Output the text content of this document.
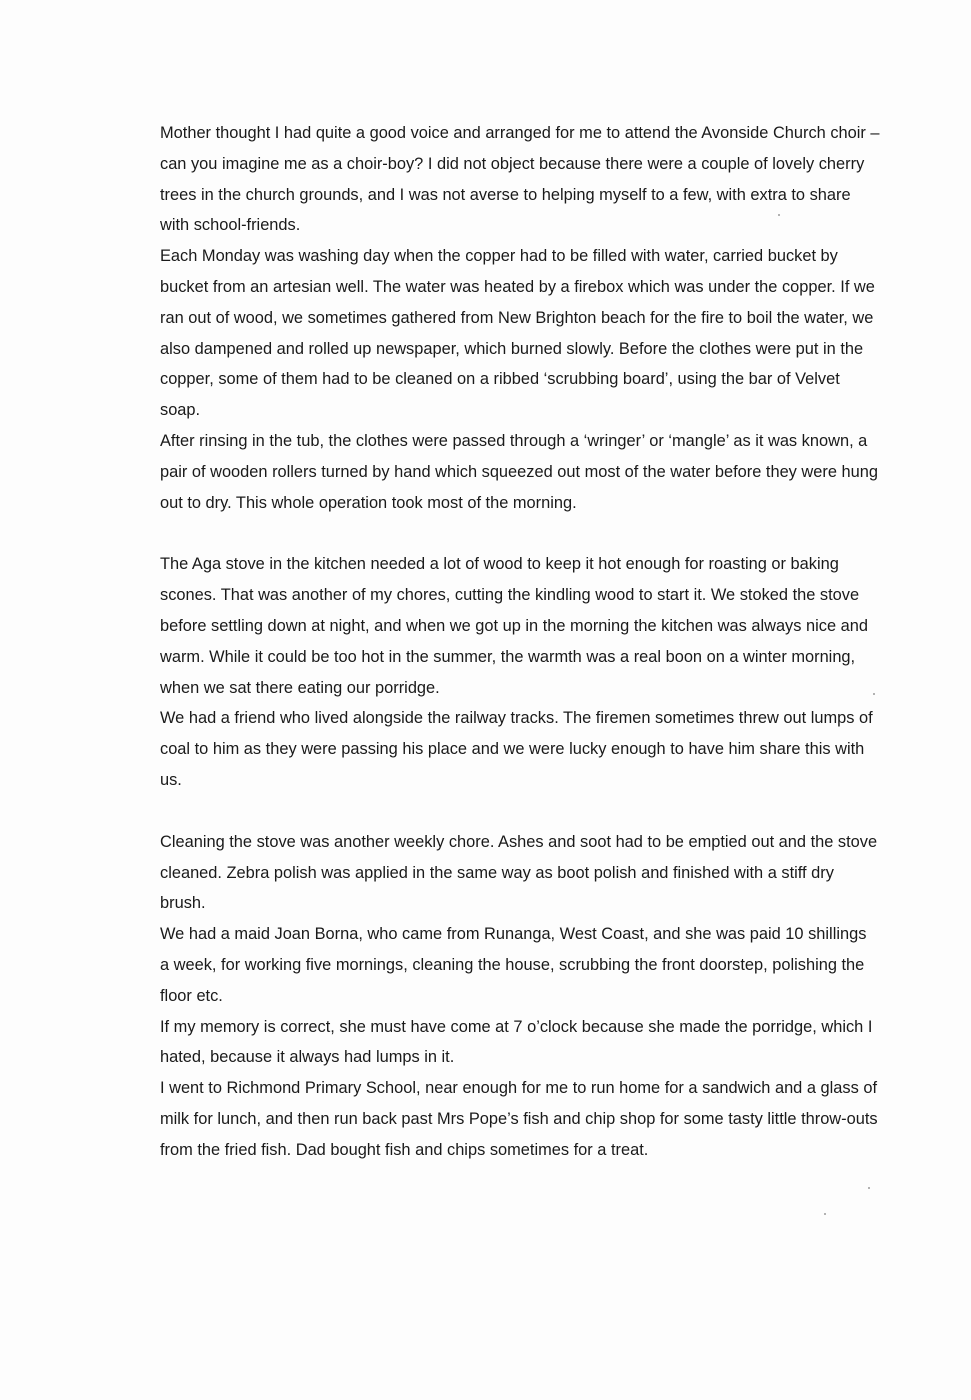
Mother thought I had quite a good voice and arranged for me to attend the Avonside Church choir – can you imagine me as a choir-boy? I did not object because there were a couple of lovely cherry trees in the church grounds, and I was not averse to helping myself to a few, with extra to share with school-friends.

Each Monday was washing day when the copper had to be filled with water, carried bucket by bucket from an artesian well. The water was heated by a firebox which was under the copper. If we ran out of wood, we sometimes gathered from New Brighton beach for the fire to boil the water, we also dampened and rolled up newspaper, which burned slowly. Before the clothes were put in the copper, some of them had to be cleaned on a ribbed ‘scrubbing board’, using the bar of Velvet soap.

After rinsing in the tub, the clothes were passed through a ‘wringer’ or ‘mangle’ as it was known, a pair of wooden rollers turned by hand which squeezed out most of the water before they were hung out to dry. This whole operation took most of the morning.

The Aga stove in the kitchen needed a lot of wood to keep it hot enough for roasting or baking scones. That was another of my chores, cutting the kindling wood to start it. We stoked the stove before settling down at night, and when we got up in the morning the kitchen was always nice and warm. While it could be too hot in the summer, the warmth was a real boon on a winter morning, when we sat there eating our porridge.

We had a friend who lived alongside the railway tracks. The firemen sometimes threw out lumps of coal to him as they were passing his place and we were lucky enough to have him share this with us.

Cleaning the stove was another weekly chore. Ashes and soot had to be emptied out and the stove cleaned. Zebra polish was applied in the same way as boot polish and finished with a stiff dry brush.

We had a maid Joan Borna, who came from Runanga, West Coast, and she was paid 10 shillings a week, for working five mornings, cleaning the house, scrubbing the front doorstep, polishing the floor etc.

If my memory is correct, she must have come at 7 o’clock because she made the porridge, which I hated, because it always had lumps in it.

I went to Richmond Primary School, near enough for me to run home for a sandwich and a glass of milk for lunch, and then run back past Mrs Pope’s fish and chip shop for some tasty little throw-outs from the fried fish. Dad bought fish and chips sometimes for a treat.
